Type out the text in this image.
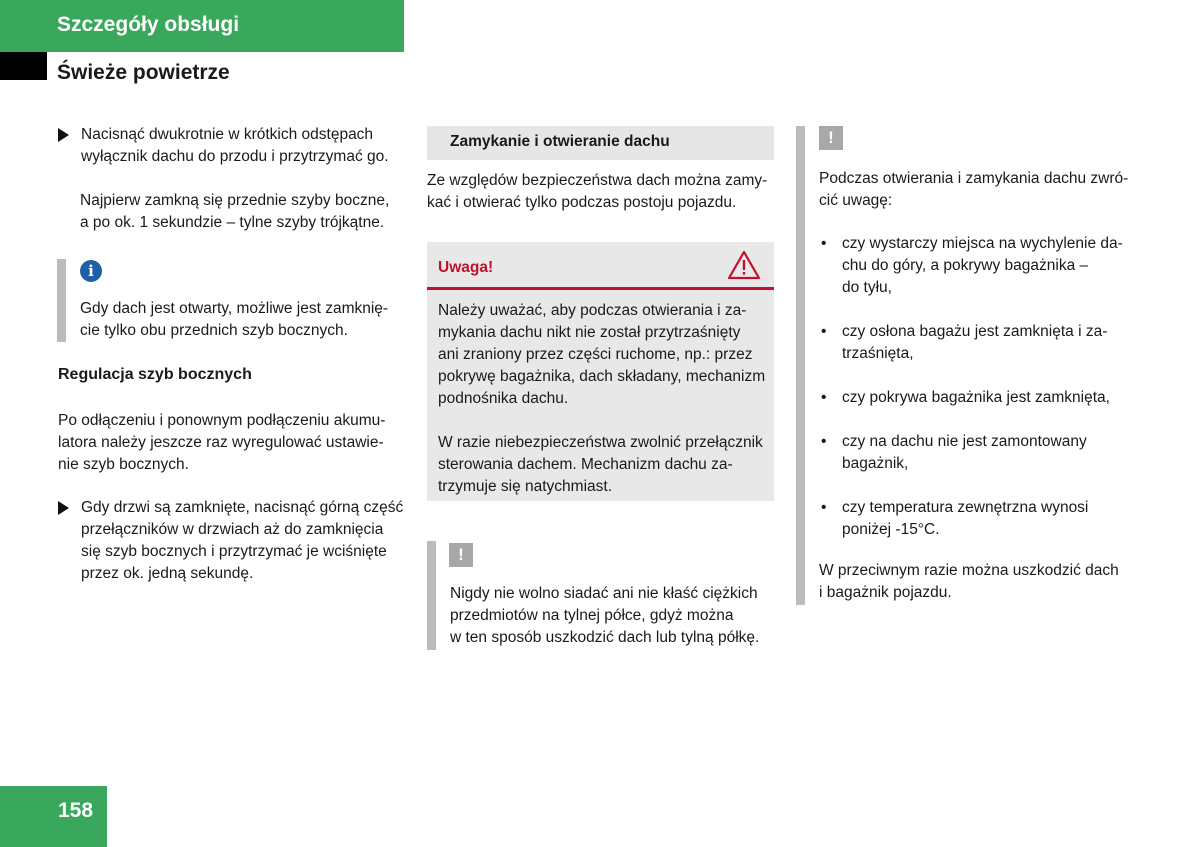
Szczegóły obsługi
Świeże powietrze
Nacisnąć dwukrotnie w krótkich odstępach
wyłącznik dachu do przodu i przytrzymać go.
Najpierw zamkną się przednie szyby boczne,
a po ok. 1 sekundzie – tylne szyby trójkątne.
i
Gdy dach jest otwarty, możliwe jest zamknię-
cie tylko obu przednich szyb bocznych.
Regulacja szyb bocznych
Po odłączeniu i ponownym podłączeniu akumu-
latora należy jeszcze raz wyregulować ustawie-
nie szyb bocznych.
Gdy drzwi są zamknięte, nacisnąć górną część
przełączników w drzwiach aż do zamknięcia
się szyb bocznych i przytrzymać je wciśnięte
przez ok. jedną sekundę.
Zamykanie i otwieranie dachu
Ze względów bezpieczeństwa dach można zamy-
kać i otwierać tylko podczas postoju pojazdu.
Uwaga!
Należy uważać, aby podczas otwierania i za-
mykania dachu nikt nie został przytrzaśnięty
ani zraniony przez części ruchome, np.: przez
pokrywę bagażnika, dach składany, mechanizm
podnośnika dachu.
W razie niebezpieczeństwa zwolnić przełącznik
sterowania dachem. Mechanizm dachu za-
trzymuje się natychmiast.
!
Nigdy nie wolno siadać ani nie kłaść ciężkich
przedmiotów na tylnej półce, gdyż można
w ten sposób uszkodzić dach lub tylną półkę.
!
Podczas otwierania i zamykania dachu zwró-
cić uwagę:
• czy wystarczy miejsca na wychylenie da-
chu do góry, a pokrywy bagażnika –
do tyłu,
• czy osłona bagażu jest zamknięta i za-
trzaśnięta,
• czy pokrywa bagażnika jest zamknięta,
• czy na dachu nie jest zamontowany
bagażnik,
• czy temperatura zewnętrzna wynosi
poniżej -15°C.
W przeciwnym razie można uszkodzić dach
i bagażnik pojazdu.
158
